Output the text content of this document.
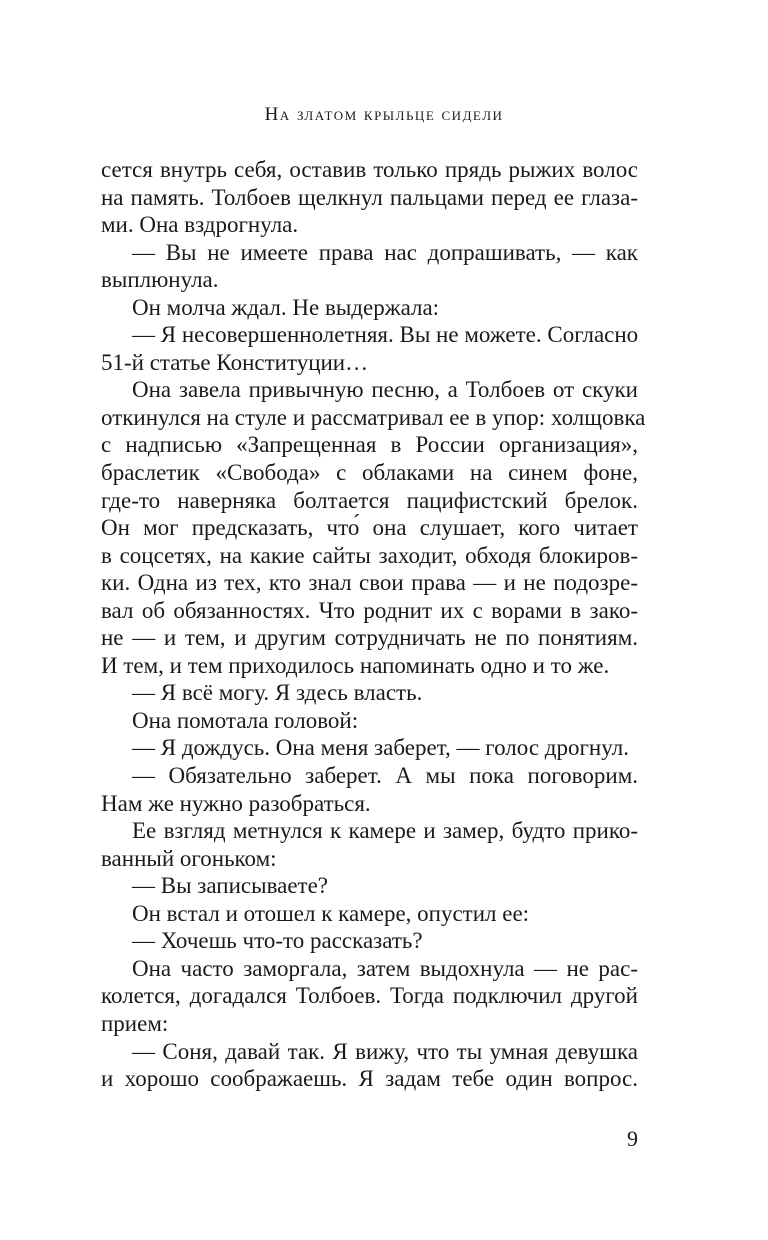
На златом крыльце сидели
сется внутрь себя, оставив только прядь рыжих волос
на память. Толбоев щелкнул пальцами перед ее глаза-
ми. Она вздрогнула.
— Вы не имеете права нас допрашивать, — как
выплюнула.
Он молча ждал. Не выдержала:
— Я несовершеннолетняя. Вы не можете. Согласно
51-й статье Конституции…
Она завела привычную песню, а Толбоев от скуки
откинулся на стуле и рассматривал ее в упор: холщовка
с надписью «Запрещенная в России организация»,
браслетик «Свобода» с облаками на синем фоне,
где-то наверняка болтается пацифистский брелок.
Он мог предсказать, что́ она слушает, кого читает
в соцсетях, на какие сайты заходит, обходя блокиров-
ки. Одна из тех, кто знал свои права — и не подозре-
вал об обязанностях. Что роднит их с ворами в зако-
не — и тем, и другим сотрудничать не по понятиям.
И тем, и тем приходилось напоминать одно и то же.
— Я всё могу. Я здесь власть.
Она помотала головой:
— Я дождусь. Она меня заберет, — голос дрогнул.
— Обязательно заберет. А мы пока поговорим.
Нам же нужно разобраться.
Ее взгляд метнулся к камере и замер, будто прико-
ванный огоньком:
— Вы записываете?
Он встал и отошел к камере, опустил ее:
— Хочешь что-то рассказать?
Она часто заморгала, затем выдохнула — не рас-
колется, догадался Толбоев. Тогда подключил другой
прием:
— Соня, давай так. Я вижу, что ты умная девушка
и хорошо соображаешь. Я задам тебе один вопрос.
9
